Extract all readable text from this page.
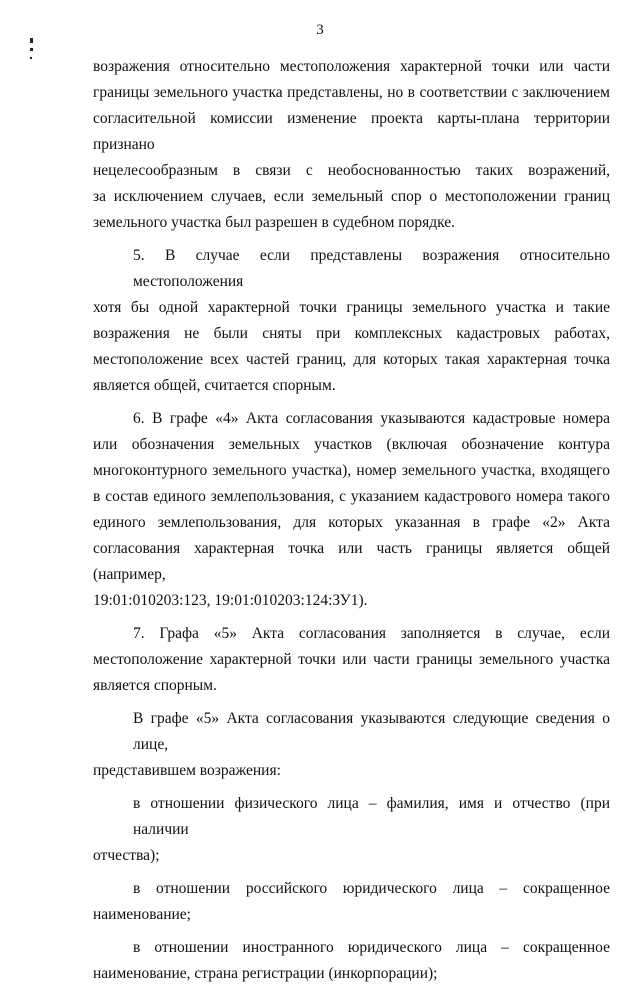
3

возражения относительно местоположения характерной точки или части
границы земельного участка представлены, но в соответствии с заключением
согласительной комиссии изменение проекта карты-плана территории признано
нецелесообразным в связи с необоснованностью таких возражений,
за исключением случаев, если земельный спор о местоположении границ
земельного участка был разрешен в судебном порядке.

5. В случае если представлены возражения относительно местоположения
хотя бы одной характерной точки границы земельного участка и такие
возражения не были сняты при комплексных кадастровых работах,
местоположение всех частей границ, для которых такая характерная точка
является общей, считается спорным.

6. В графе «4» Акта согласования указываются кадастровые номера
или обозначения земельных участков (включая обозначение контура
многоконтурного земельного участка), номер земельного участка, входящего
в состав единого землепользования, с указанием кадастрового номера такого
единого землепользования, для которых указанная в графе «2» Акта
согласования характерная точка или часть границы является общей (например,
19:01:010203:123, 19:01:010203:124:ЗУ1).

7. Графа «5» Акта согласования заполняется в случае, если
местоположение характерной точки или части границы земельного участка
является спорным.

В графе «5» Акта согласования указываются следующие сведения о лице,
представившем возражения:

в отношении физического лица – фамилия, имя и отчество (при наличии
отчества);

в отношении российского юридического лица – сокращенное
наименование;

в отношении иностранного юридического лица – сокращенное
наименование, страна регистрации (инкорпорации);
